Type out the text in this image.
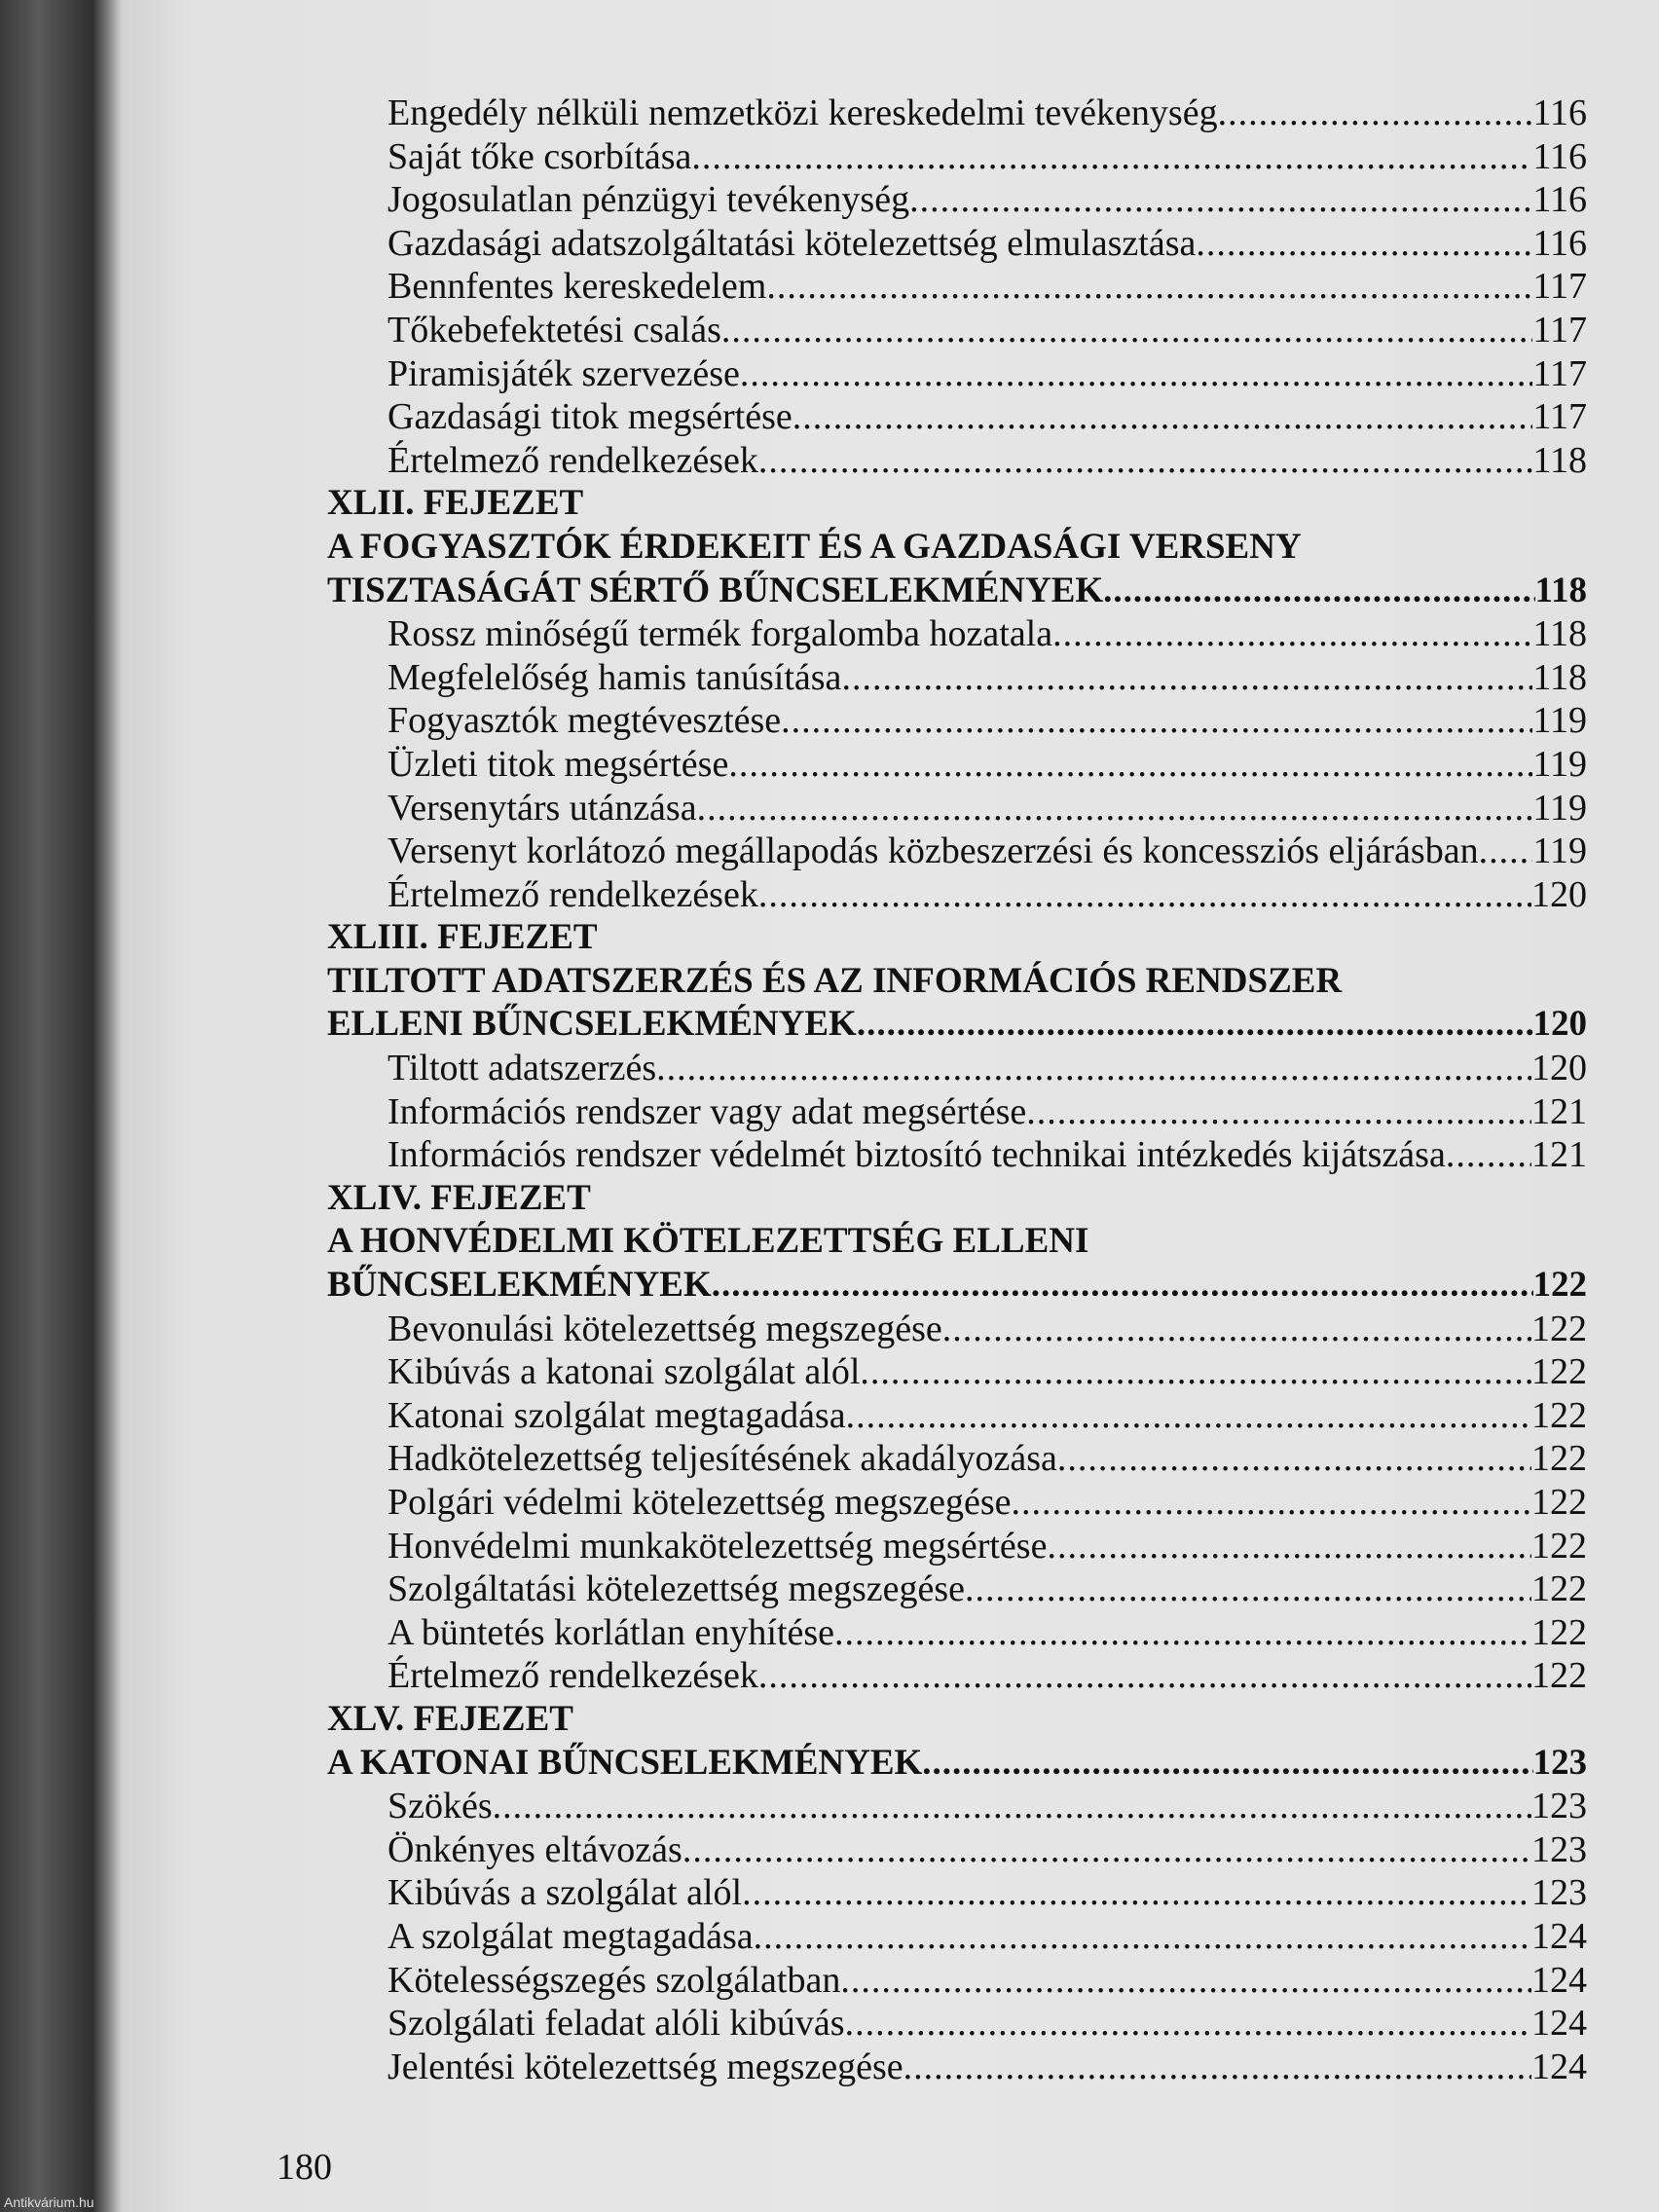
Engedély nélküli nemzetközi kereskedelmi tevékenység .....	116
Saját tőke csorbítása .....	116
Jogosulatlan pénzügyi tevékenység .....	116
Gazdasági adatszolgáltatási kötelezettség elmulasztása .....	116
Bennfentes kereskedelem .....	117
Tőkebefektetési csalás .....	117
Piramisjáték szervezése .....	117
Gazdasági titok megsértése .....	117
Értelmező rendelkezések .....	118
XLII. FEJEZET
A FOGYASZTÓK ÉRDEKEIT ÉS A GAZDASÁGI VERSENY
TISZTASÁGÁT SÉRTŐ BŰNCSELEKMÉNYEK .....	118
Rossz minőségű termék forgalomba hozatala .....	118
Megfelelőség hamis tanúsítása .....	118
Fogyasztók megtévesztése .....	119
Üzleti titok megsértése .....	119
Versenytárs utánzása .....	119
Versenyt korlátozó megállapodás közbeszerzési és koncessziós eljárásban ..... 119
Értelmező rendelkezések .....	120
XLIII. FEJEZET
TILTOTT ADATSZERZÉS ÉS AZ INFORMÁCIÓS RENDSZER
ELLENI BŰNCSELEKMÉNYEK .....	120
Tiltott adatszerzés .....	120
Információs rendszer vagy adat megsértése .....	121
Információs rendszer védelmét biztosító technikai intézkedés kijátszása ..... 121
XLIV. FEJEZET
A HONVÉDELMI KÖTELEZETTSÉG ELLENI
BŰNCSELEKMÉNYEK .....	122
Bevonulási kötelezettség megszegése .....	122
Kibúvás a katonai szolgálat alól .....	122
Katonai szolgálat megtagadása .....	122
Hadkötelezettség teljesítésének akadályozása .....	122
Polgári védelmi kötelezettség megszegése .....	122
Honvédelmi munkakötelezettség megsértése .....	122
Szolgáltatási kötelezettség megszegése .....	122
A büntetés korlátlan enyhítése .....	122
Értelmező rendelkezések .....	122
XLV. FEJEZET
A KATONAI BŰNCSELEKMÉNYEK .....	123
Szökés .....	123
Önkényes eltávozás .....	123
Kibúvás a szolgálat alól .....	123
A szolgálat megtagadása .....	124
Kötelességszegés szolgálatban .....	124
Szolgálati feladat alóli kibúvás .....	124
Jelentési kötelezettség megszegése .....	124
180
Antikvárium.hu
